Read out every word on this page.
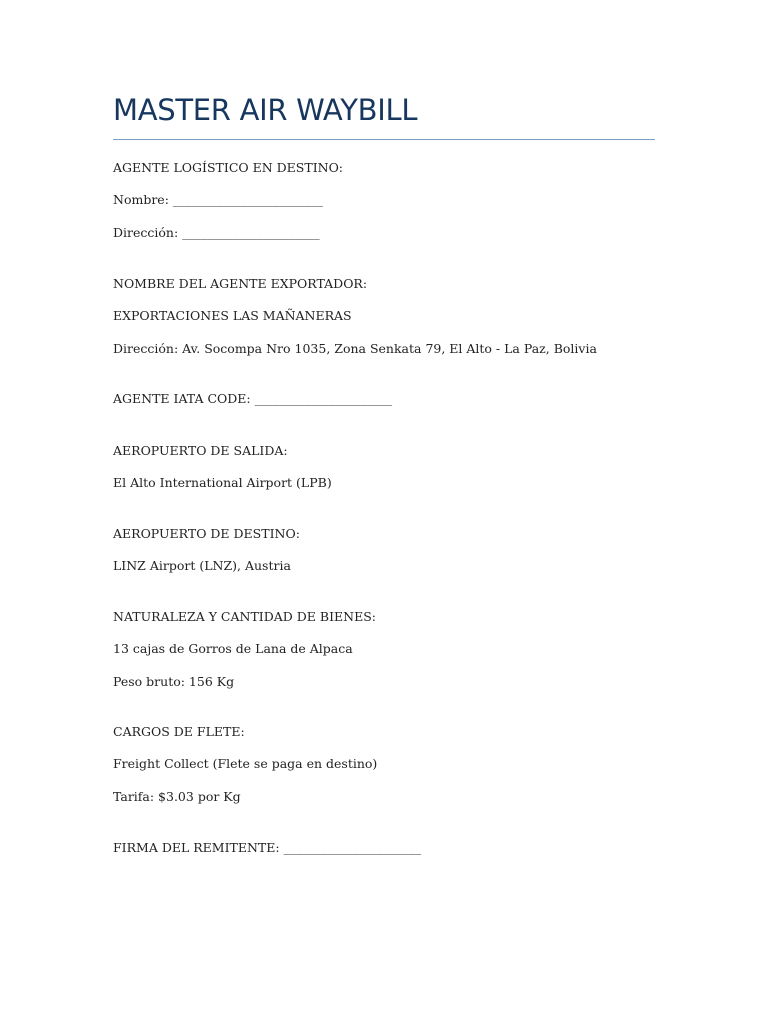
MASTER AIR WAYBILL

AGENTE LOGÍSTICO EN DESTINO:

Nombre: ________________________

Dirección: ______________________

NOMBRE DEL AGENTE EXPORTADOR:

EXPORTACIONES LAS MAÑANERAS

Dirección: Av. Socompa Nro 1035, Zona Senkata 79, El Alto - La Paz, Bolivia

AGENTE IATA CODE: ______________________

AEROPUERTO DE SALIDA:

El Alto International Airport (LPB)

AEROPUERTO DE DESTINO:

LINZ Airport (LNZ), Austria

NATURALEZA Y CANTIDAD DE BIENES:

13 cajas de Gorros de Lana de Alpaca

Peso bruto: 156 Kg

CARGOS DE FLETE:

Freight Collect (Flete se paga en destino)

Tarifa: $3.03 por Kg

FIRMA DEL REMITENTE: ______________________
